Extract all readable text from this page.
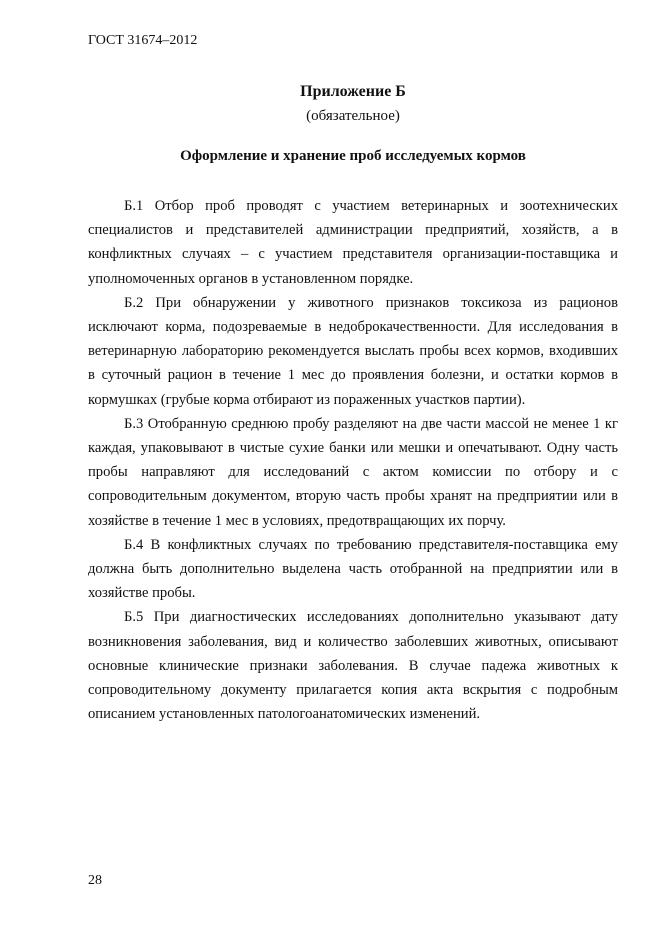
ГОСТ 31674–2012
Приложение Б
(обязательное)
Оформление и хранение проб исследуемых кормов

Б.1 Отбор проб проводят с участием ветеринарных и зоотехнических специалистов и представителей администрации предприятий, хозяйств, а в конфликтных случаях – с участием представителя организации-поставщика и уполномоченных органов в установленном порядке.

Б.2 При обнаружении у животного признаков токсикоза из рационов исключают корма, подозреваемые в недоброкачественности. Для исследования в ветеринарную лабораторию рекомендуется выслать пробы всех кормов, входивших в суточный рацион в течение 1 мес до проявления болезни, и остатки кормов в кормушках (грубые корма отбирают из пораженных участков партии).

Б.3 Отобранную среднюю пробу разделяют на две части массой не менее 1 кг каждая, упаковывают в чистые сухие банки или мешки и опечатывают. Одну часть пробы направляют для исследований с актом комиссии по отбору и с сопроводительным документом, вторую часть пробы хранят на предприятии или в хозяйстве в течение 1 мес в условиях, предотвращающих их порчу.

Б.4 В конфликтных случаях по требованию представителя-поставщика ему должна быть дополнительно выделена часть отобранной на предприятии или в хозяйстве пробы.

Б.5 При диагностических исследованиях дополнительно указывают дату возникновения заболевания, вид и количество заболевших животных, описывают основные клинические признаки заболевания. В случае падежа животных к сопроводительному документу прилагается копия акта вскрытия с подробным описанием установленных патологоанатомических изменений.

28
